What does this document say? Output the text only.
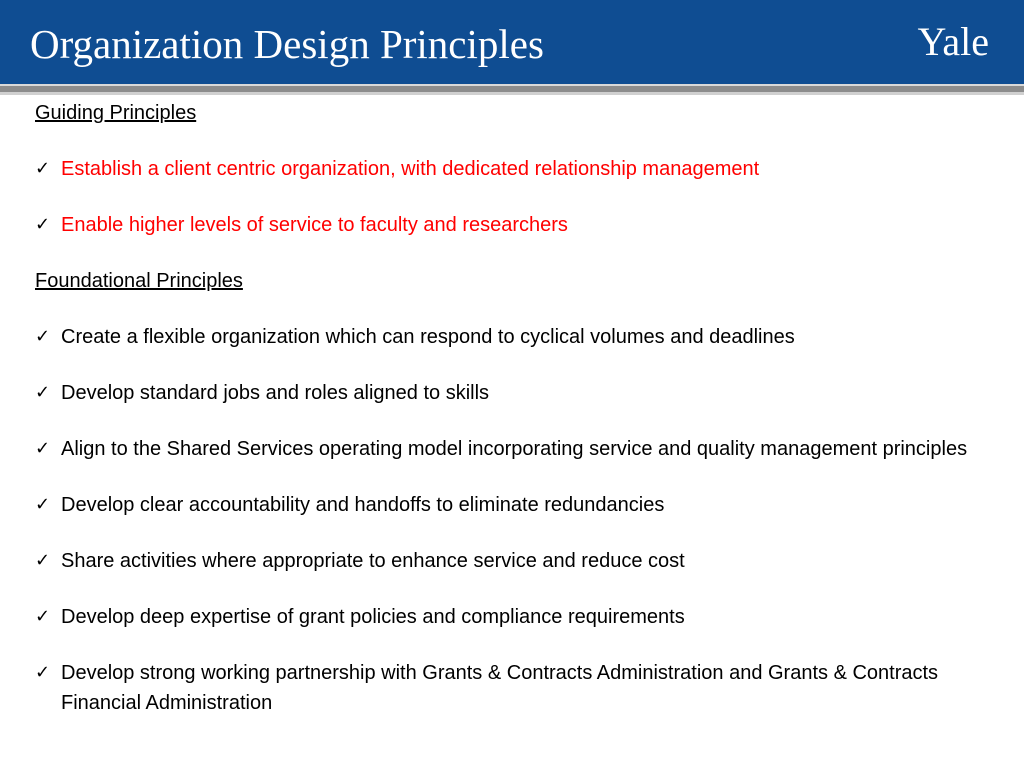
Organization Design Principles	Yale
Guiding Principles
✓ Establish a client centric organization, with dedicated relationship management
✓ Enable higher levels of service to faculty and researchers
Foundational Principles
✓ Create a flexible organization which can respond to cyclical volumes and deadlines
✓ Develop standard jobs and roles aligned to skills
✓ Align to the Shared Services operating model incorporating service and quality management principles
✓ Develop clear accountability and handoffs to eliminate redundancies
✓ Share activities where appropriate to enhance service and reduce cost
✓ Develop deep expertise of grant policies and compliance requirements
✓ Develop strong working partnership with Grants & Contracts Administration and Grants & Contracts Financial Administration
